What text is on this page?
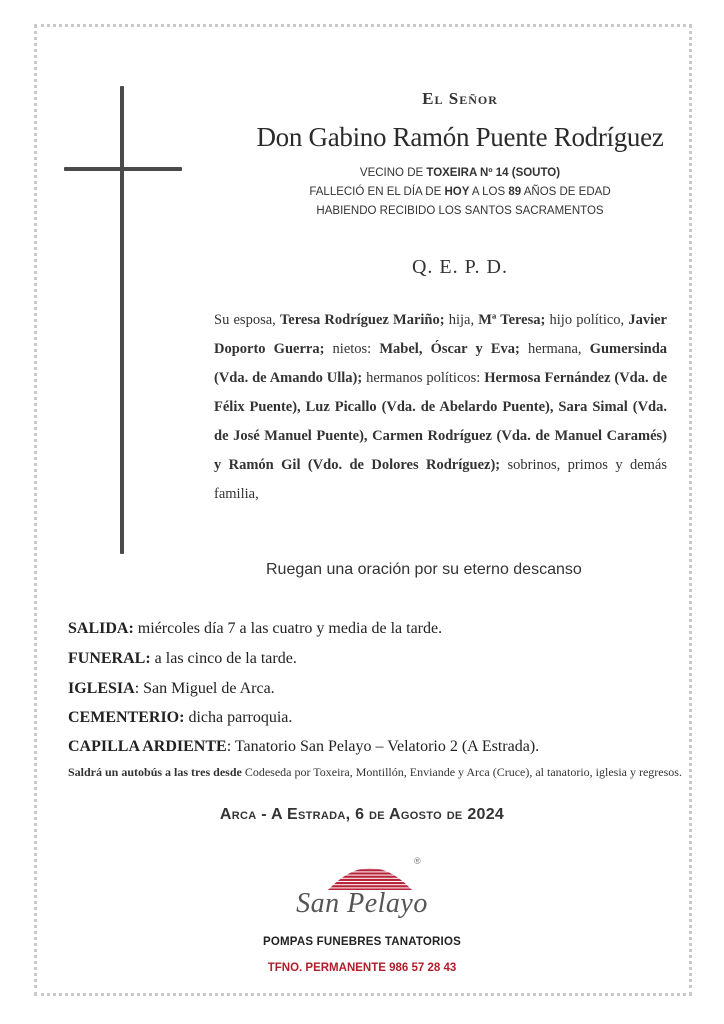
El Señor
Don Gabino Ramón Puente Rodríguez
VECINO DE TOXEIRA Nº 14 (SOUTO)
FALLECIÓ EN EL DÍA DE HOY A LOS 89 AÑOS DE EDAD
HABIENDO RECIBIDO LOS SANTOS SACRAMENTOS
Q. E. P. D.
Su esposa, Teresa Rodríguez Mariño; hija, Mª Teresa; hijo político, Javier Doporto Guerra; nietos: Mabel, Óscar y Eva; hermana, Gumersinda (Vda. de Amando Ulla); hermanos políticos: Hermosa Fernández (Vda. de Félix Puente), Luz Picallo (Vda. de Abelardo Puente), Sara Simal (Vda. de José Manuel Puente), Carmen Rodríguez (Vda. de Manuel Caramés) y Ramón Gil (Vdo. de Dolores Rodríguez); sobrinos, primos y demás familia,
Ruegan una oración por su eterno descanso
SALIDA: miércoles día 7 a las cuatro y media de la tarde.
FUNERAL: a las cinco de la tarde.
IGLESIA: San Miguel de Arca.
CEMENTERIO: dicha parroquia.
CAPILLA ARDIENTE: Tanatorio San Pelayo – Velatorio 2 (A Estrada).
Saldrá un autobús a las tres desde Codeseda por Toxeira, Montillón, Enviande y Arca (Cruce), al tanatorio, iglesia y regresos.
Arca - A Estrada, 6 de Agosto de 2024
®
San Pelayo
POMPAS FUNEBRES TANATORIOS
TFNO. PERMANENTE 986 57 28 43
